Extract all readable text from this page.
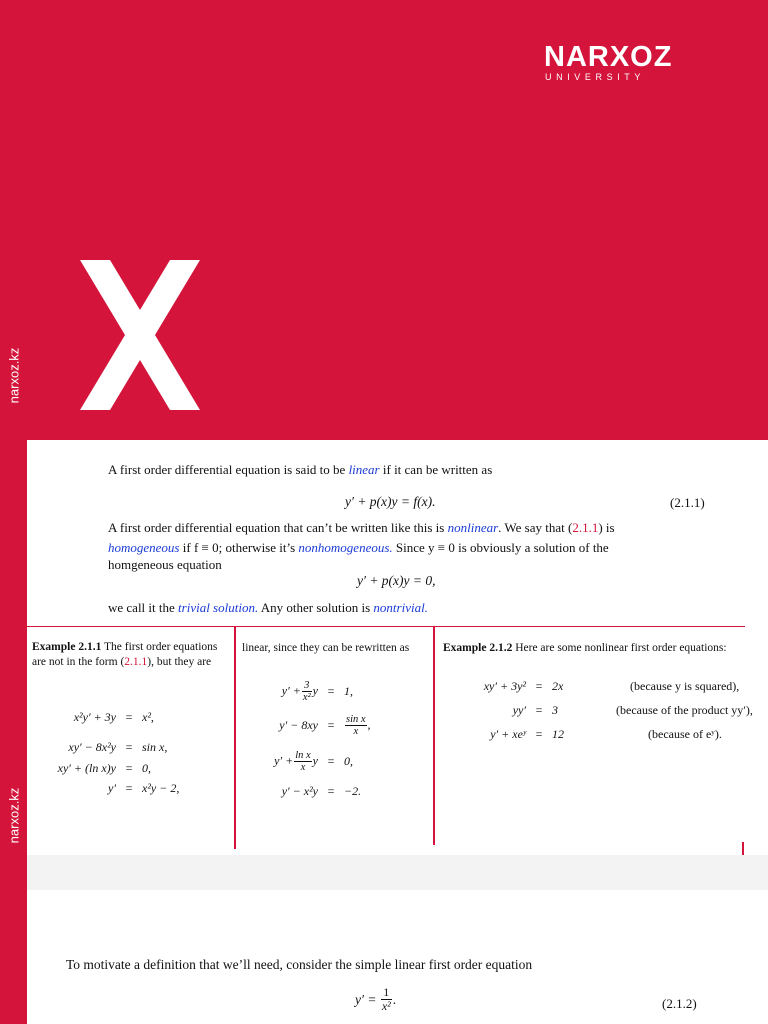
narxoz.kz
narxoz.kz
NARXOZ
UNIVERSITY
A first order differential equation is said to be linear if it can be written as
y′ + p(x)y = f(x).	(2.1.1)
A first order differential equation that can’t be written like this is nonlinear. We say that (2.1.1) is
homogeneous if f ≡ 0; otherwise it’s nonhomogeneous. Since y ≡ 0 is obviously a solution of the
homgeneous equation
y′ + p(x)y = 0,
we call it the trivial solution. Any other solution is nontrivial.
Example 2.1.1 The first order equations
are not in the form (2.1.1), but they are
linear, since they can be rewritten as	Example 2.1.2 Here are some nonlinear first order equations:
x²y′ + 3y = x²,
xy′ − 8x²y = sin x,
xy′ + (ln x)y = 0,
y′ = x²y − 2,
$y' + \frac{3}{\text{x²}}$ y = 1,
y′ − 8xy =	$\frac{\text{sin x}}{x}$ ,
$y' + \frac{\text{ln x}}{x}$ y = 0,
y′ − x²y = −2.
xy′ + 3y² = 2x	(because y is squared),
yy′ = 3	(because of the product yy′),
y′ + xeʸ = 12	(because of eʸ).
To motivate a definition that we’ll need, consider the simple linear first order equation
y′ =
$\frac{1}{\text{x²}}$ .	(2.1.2)
